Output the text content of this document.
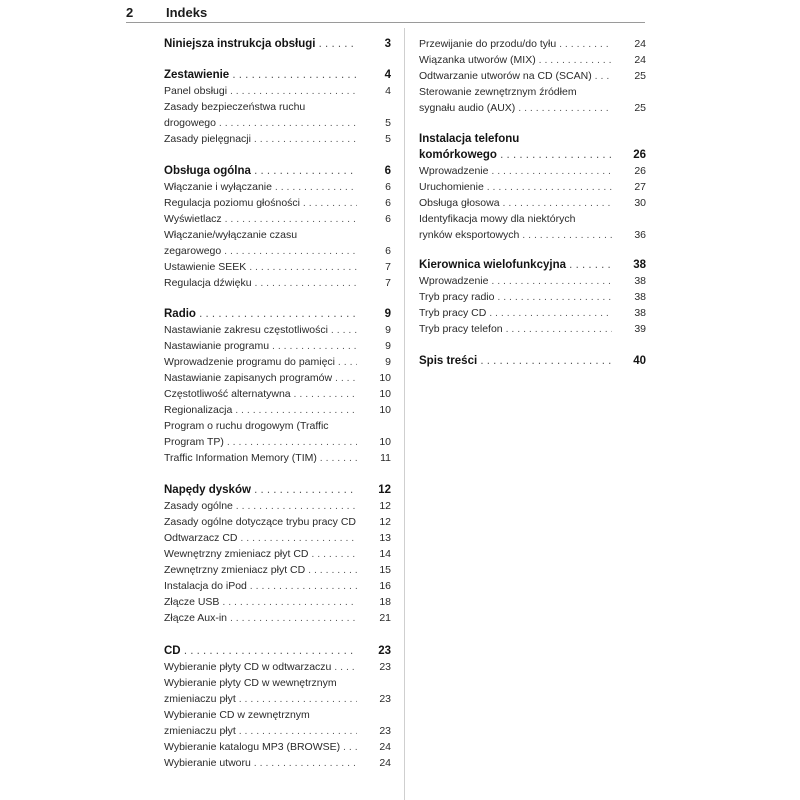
2	Indeks
Niniejsza instrukcja obsługi . . .	3
Zestawienie . . .	4
Panel obsługi . . .	4
Zasady bezpieczeństwa ruchu
drogowego . . .	5
Zasady pielęgnacji . . .	5
Obsługa ogólna . . .	6
Włączanie i wyłączanie . . .	6
Regulacja poziomu głośności . . .	6
Wyświetlacz . . .	6
Włączanie/wyłączanie czasu
zegarowego . . .	6
Ustawienie SEEK . . .	7
Regulacja dźwięku . . .	7
Radio . . .	9
Nastawianie zakresu częstotliwości . . .	9
Nastawianie programu . . .	9
Wprowadzenie programu do pamięci . . .	9
Nastawianie zapisanych programów . . .	10
Częstotliwość alternatywna . . .	10
Regionalizacja . . .	10
Program o ruchu drogowym (Traffic
Program TP) . . .	10
Traffic Information Memory (TIM) . . .	11
Napędy dysków . . .	12
Zasady ogólne . . .	12
Zasady ogólne dotyczące trybu pracy CD . . .	12
Odtwarzacz CD . . .	13
Wewnętrzny zmieniacz płyt CD . . .	14
Zewnętrzny zmieniacz płyt CD . . .	15
Instalacja do iPod . . .	16
Złącze USB . . .	18
Złącze Aux-in . . .	21
CD . . .	23
Wybieranie płyty CD w odtwarzaczu . . .	23
Wybieranie płyty CD w wewnętrznym
zmieniaczu płyt . . .	23
Wybieranie CD w zewnętrznym
zmieniaczu płyt . . .	23
Wybieranie katalogu MP3 (BROWSE) . . .	24
Wybieranie utworu . . .	24
Przewijanie do przodu/do tyłu . . .	24
Wiązanka utworów (MIX) . . .	24
Odtwarzanie utworów na CD (SCAN) . . .	25
Sterowanie zewnętrznym źródłem
sygnału audio (AUX) . . .	25
Instalacja telefonu
komórkowego . . .	26
Wprowadzenie . . .	26
Uruchomienie . . .	27
Obsługa głosowa . . .	30
Identyfikacja mowy dla niektórych
rynków eksportowych . . .	36
Kierownica wielofunkcyjna . . .	38
Wprowadzenie . . .	38
Tryb pracy radio . . .	38
Tryb pracy CD . . .	38
Tryb pracy telefon . . .	39
Spis treści . . .	40
